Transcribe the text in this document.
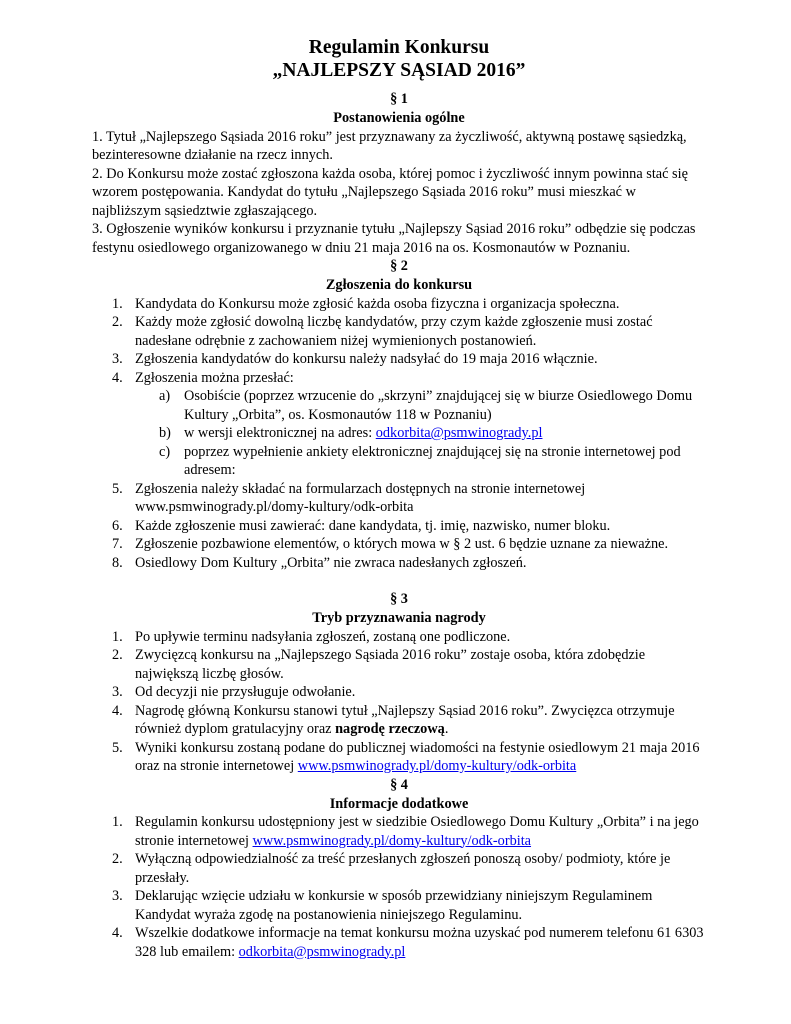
Regulamin Konkursu

„NAJLEPSZY SĄSIAD 2016”

§ 1

Postanowienia ogólne

1. Tytuł „Najlepszego Sąsiada 2016 roku” jest przyznawany za życzliwość, aktywną postawę sąsiedzką, bezinteresowne działanie na rzecz innych.

2. Do Konkursu może zostać zgłoszona każda osoba, której pomoc i życzliwość innym powinna stać się wzorem postępowania. Kandydat do tytułu „Najlepszego Sąsiada 2016 roku” musi mieszkać w najbliższym sąsiedztwie zgłaszającego.

3. Ogłoszenie wyników konkursu i przyznanie tytułu „Najlepszy Sąsiad 2016 roku” odbędzie się podczas festynu osiedlowego organizowanego w dniu 21 maja 2016 na os. Kosmonautów w Poznaniu.

§ 2

Zgłoszenia do konkursu

1. Kandydata do Konkursu może zgłosić każda osoba fizyczna i organizacja społeczna.
2. Każdy może zgłosić dowolną liczbę kandydatów, przy czym każde zgłoszenie musi zostać nadesłane odrębnie z zachowaniem niżej wymienionych postanowień.
3. Zgłoszenia kandydatów do konkursu należy nadsyłać do 19 maja 2016 włącznie.
4. Zgłoszenia można przesłać:
a) Osobiście (poprzez wrzucenie do „skrzyni” znajdującej się w biurze Osiedlowego Domu Kultury „Orbita”, os. Kosmonautów 118 w Poznaniu)
b) w wersji elektronicznej na adres: odkorbita@psmwinogrady.pl
c) poprzez wypełnienie ankiety elektronicznej znajdującej się na stronie internetowej pod adresem:
5. Zgłoszenia należy składać na formularzach dostępnych na stronie internetowej www.psmwinogrady.pl/domy-kultury/odk-orbita
6. Każde zgłoszenie musi zawierać: dane kandydata, tj. imię, nazwisko, numer bloku.
7. Zgłoszenie pozbawione elementów, o których mowa w § 2 ust. 6 będzie uznane za nieważne.
8. Osiedlowy Dom Kultury „Orbita” nie zwraca nadesłanych zgłoszeń.

§ 3

Tryb przyznawania nagrody

1. Po upływie terminu nadsyłania zgłoszeń, zostaną one podliczone.
2. Zwycięzcą konkursu na „Najlepszego Sąsiada 2016 roku” zostaje osoba, która zdobędzie największą liczbę głosów.
3. Od decyzji nie przysługuje odwołanie.
4. Nagrodę główną Konkursu stanowi tytuł „Najlepszy Sąsiad 2016 roku”. Zwycięzca otrzymuje również dyplom gratulacyjny oraz nagrodę rzeczową.
5. Wyniki konkursu zostaną podane do publicznej wiadomości na festynie osiedlowym 21 maja 2016 oraz na stronie internetowej www.psmwinogrady.pl/domy-kultury/odk-orbita

§ 4

Informacje dodatkowe

1. Regulamin konkursu udostępniony jest w siedzibie Osiedlowego Domu Kultury „Orbita” i na jego stronie internetowej www.psmwinogrady.pl/domy-kultury/odk-orbita
2. Wyłączną odpowiedzialność za treść przesłanych zgłoszeń ponoszą osoby/ podmioty, które je przesłały.
3. Deklarując wzięcie udziału w konkursie w sposób przewidziany niniejszym Regulaminem Kandydat wyraża zgodę na postanowienia niniejszego Regulaminu.
4. Wszelkie dodatkowe informacje na temat konkursu można uzyskać pod numerem telefonu 61 6303 328 lub emailem: odkorbita@psmwinogrady.pl
